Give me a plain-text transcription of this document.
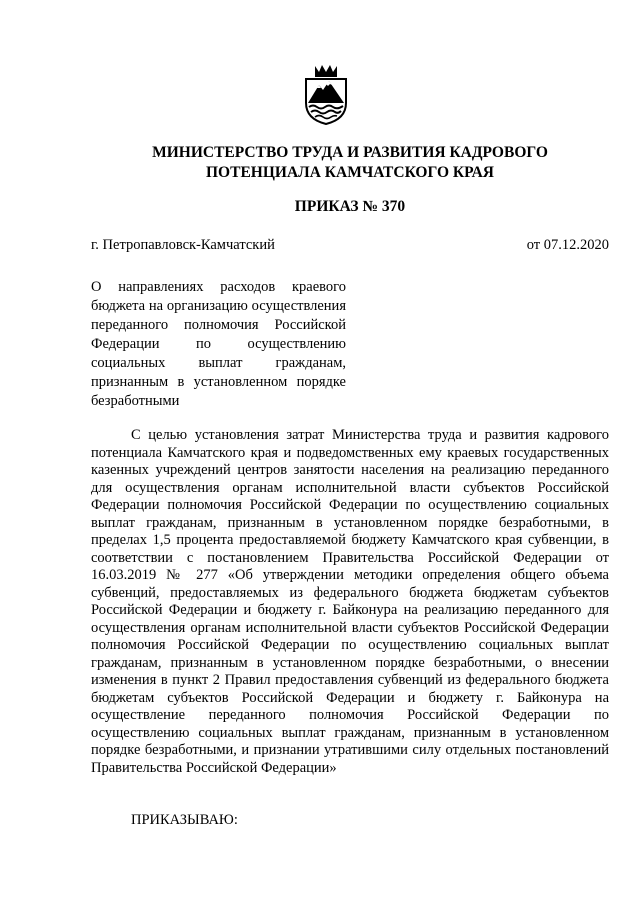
МИНИСТЕРСТВО ТРУДА И РАЗВИТИЯ КАДРОВОГО
ПОТЕНЦИАЛА КАМЧАТСКОГО КРАЯ
ПРИКАЗ № 370
г. Петропавловск-Камчатский	от 07.12.2020
О направлениях расходов краевого бюджета на организацию осуществления переданного полномочия Российской Федерации по осуществлению социальных выплат гражданам, признанным в установленном порядке безработными

С целью установления затрат Министерства труда и развития кадрового потенциала Камчатского края и подведомственных ему краевых государственных казенных учреждений центров занятости населения на реализацию переданного для осуществления органам исполнительной власти субъектов Российской Федерации полномочия Российской Федерации по осуществлению социальных выплат гражданам, признанным в установленном порядке безработными, в пределах 1,5 процента предоставляемой бюджету Камчатского края субвенции, в соответствии с постановлением Правительства Российской Федерации от 16.03.2019 № 277 «Об утверждении методики определения общего объема субвенций, предоставляемых из федерального бюджета бюджетам субъектов Российской Федерации и бюджету г. Байконура на реализацию переданного для осуществления органам исполнительной власти субъектов Российской Федерации полномочия Российской Федерации по осуществлению социальных выплат гражданам, признанным в установленном порядке безработными, о внесении изменения в пункт 2 Правил предоставления субвенций из федерального бюджета бюджетам субъектов Российской Федерации и бюджету г. Байконура на осуществление переданного полномочия Российской Федерации по осуществлению социальных выплат гражданам, признанным в установленном порядке безработными, и признании утратившими силу отдельных постановлений Правительства Российской Федерации»

ПРИКАЗЫВАЮ:
